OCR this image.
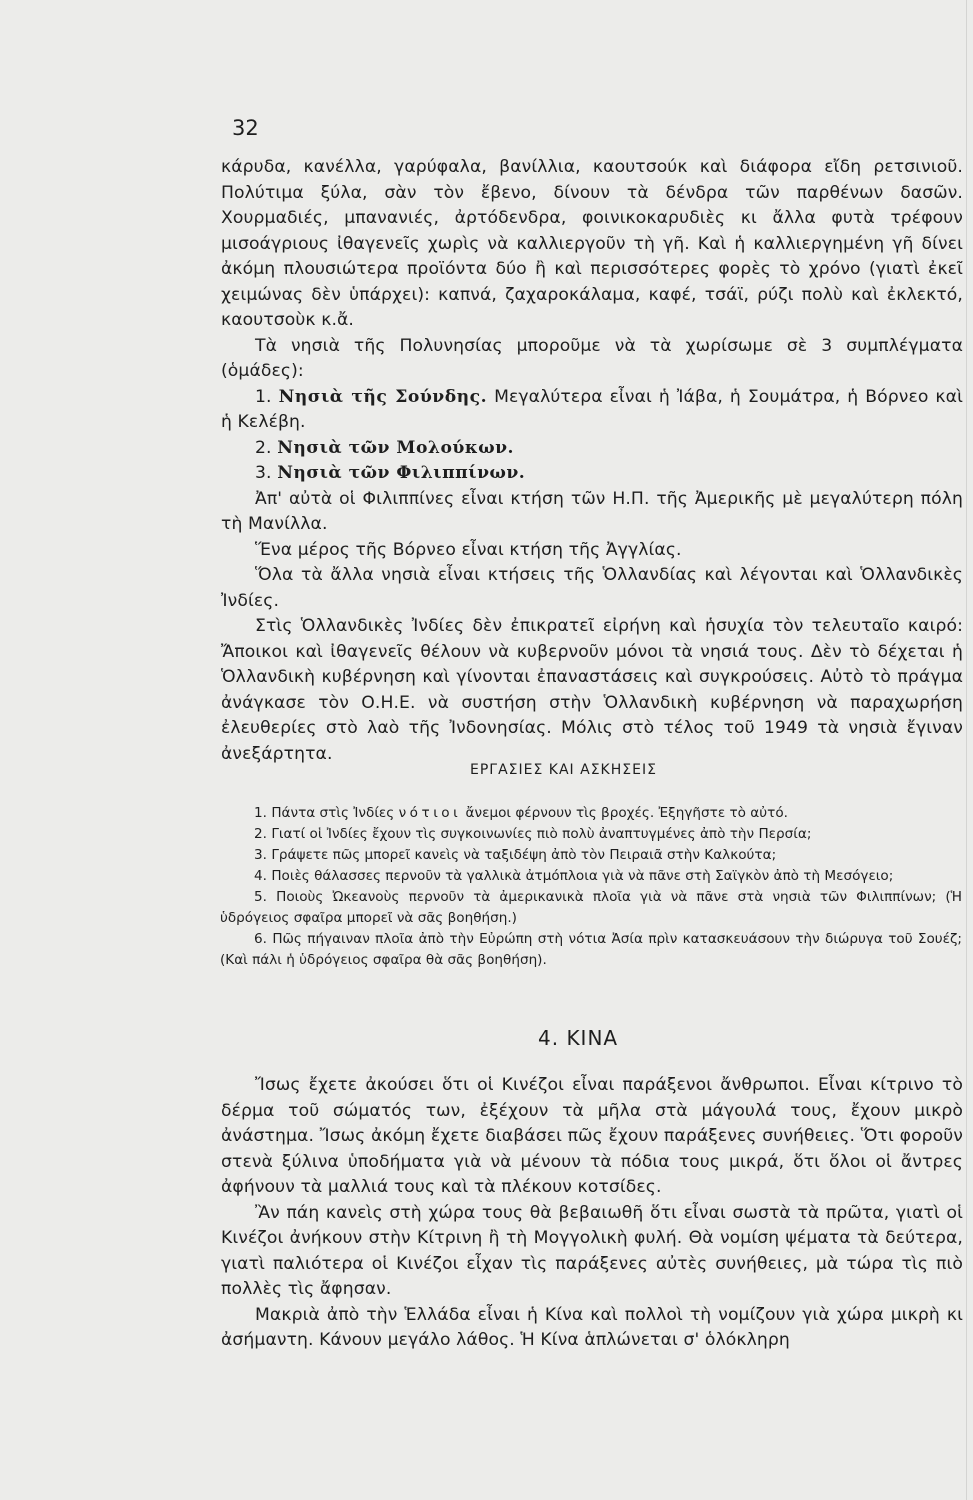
32

κάρυδα, κανέλλα, γαρύφαλα, βανίλλια, καουτσούκ καὶ διάφορα εἴδη ρετσινιοῦ. Πολύτιμα ξύλα, σὰν τὸν ἔβενο, δίνουν τὰ δένδρα τῶν παρθένων δασῶν. Χουρμαδιές, μπανανιές, ἀρτόδενδρα, φοινικοκαρυδιὲς κι ἄλλα φυτὰ τρέφουν μισοάγριους ἰθαγενεῖς χωρὶς νὰ καλλιεργοῦν τὴ γῆ. Καὶ ἡ καλλιεργημένη γῆ δίνει ἀκόμη πλουσιώτερα προϊόντα δύο ἢ καὶ περισσότερες φορὲς τὸ χρόνο (γιατὶ ἐκεῖ χειμώνας δὲν ὑπάρχει): καπνά, ζαχαροκάλαμα, καφέ, τσάϊ, ρύζι πολὺ καὶ ἐκλεκτό, καουτσοὺκ κ.ἄ.

Τὰ νησιὰ τῆς Πολυνησίας μποροῦμε νὰ τὰ χωρίσωμε σὲ 3 συμπλέγματα (ὁμάδες):

1. Νησιὰ τῆς Σούνδης. Μεγαλύτερα εἶναι ἡ Ἰάβα, ἡ Σουμάτρα, ἡ Βόρνεο καὶ ἡ Κελέβη.

2. Νησιὰ τῶν Μολούκων.

3. Νησιὰ τῶν Φιλιππίνων.

Ἀπ' αὐτὰ οἱ Φιλιππίνες εἶναι κτήση τῶν Η.Π. τῆς Ἀμερικῆς μὲ μεγαλύτερη πόλη τὴ Μανίλλα.

Ἕνα μέρος τῆς Βόρνεο εἶναι κτήση τῆς Ἀγγλίας.

Ὅλα τὰ ἄλλα νησιὰ εἶναι κτήσεις τῆς Ὁλλανδίας καὶ λέγονται καὶ Ὁλλανδικὲς Ἰνδίες.

Στὶς Ὁλλανδικὲς Ἰνδίες δὲν ἐπικρατεῖ εἰρήνη καὶ ἡσυχία τὸν τελευταῖο καιρό: Ἄποικοι καὶ ἰθαγενεῖς θέλουν νὰ κυβερνοῦν μόνοι τὰ νησιά τους. Δὲν τὸ δέχεται ἡ Ὁλλανδικὴ κυβέρνηση καὶ γίνονται ἐπαναστάσεις καὶ συγκρούσεις. Αὐτὸ τὸ πράγμα ἀνάγκασε τὸν Ο.Η.Ε. νὰ συστήση στὴν Ὁλλανδικὴ κυβέρνηση νὰ παραχωρήση ἐλευθερίες στὸ λαὸ τῆς Ἰνδονησίας. Μόλις στὸ τέλος τοῦ 1949 τὰ νησιὰ ἔγιναν ἀνεξάρτητα.

ΕΡΓΑΣΙΕΣ ΚΑΙ ΑΣΚΗΣΕΙΣ

1. Πάντα στὶς Ἰνδίες νότιοι ἄνεμοι φέρνουν τὶς βροχές. Ἐξηγῆστε τὸ αὐτό.

2. Γιατί οἱ Ἰνδίες ἔχουν τὶς συγκοινωνίες πιὸ πολὺ ἀναπτυγμένες ἀπὸ τὴν Περσία;

3. Γράψετε πῶς μπορεῖ κανεὶς νὰ ταξιδέψη ἀπὸ τὸν Πειραιᾶ στὴν Καλκούτα;

4. Ποιὲς θάλασσες περνοῦν τὰ γαλλικὰ ἀτμόπλοια γιὰ νὰ πᾶνε στὴ Σαϊγκὸν ἀπὸ τὴ Μεσόγειο;

5. Ποιοὺς Ὠκεανοὺς περνοῦν τὰ ἀμερικανικὰ πλοῖα γιὰ νὰ πᾶνε στὰ νησιὰ τῶν Φιλιππίνων; (Ἡ ὑδρόγειος σφαῖρα μπορεῖ νὰ σᾶς βοηθήση.)

6. Πῶς πήγαιναν πλοῖα ἀπὸ τὴν Εὐρώπη στὴ νότια Ἀσία πρὶν κατασκευάσουν τὴν διώρυγα τοῦ Σουέζ; (Καὶ πάλι ἡ ὑδρόγειος σφαῖρα θὰ σᾶς βοηθήση).

4. ΚΙΝΑ

Ἴσως ἔχετε ἀκούσει ὅτι οἱ Κινέζοι εἶναι παράξενοι ἄνθρωποι. Εἶναι κίτρινο τὸ δέρμα τοῦ σώματός των, ἐξέχουν τὰ μῆλα στὰ μάγουλά τους, ἔχουν μικρὸ ἀνάστημα. Ἴσως ἀκόμη ἔχετε διαβάσει πῶς ἔχουν παράξενες συνήθειες. Ὅτι φοροῦν στενὰ ξύλινα ὑποδήματα γιὰ νὰ μένουν τὰ πόδια τους μικρά, ὅτι ὅλοι οἱ ἄντρες ἀφήνουν τὰ μαλλιά τους καὶ τὰ πλέκουν κοτσίδες.

Ἂν πάη κανεὶς στὴ χώρα τους θὰ βεβαιωθῆ ὅτι εἶναι σωστὰ τὰ πρῶτα, γιατὶ οἱ Κινέζοι ἀνήκουν στὴν Κίτρινη ἢ τὴ Μογγολικὴ φυλή. Θὰ νομίση ψέματα τὰ δεύτερα, γιατὶ παλιότερα οἱ Κινέζοι εἶχαν τὶς παράξενες αὐτὲς συνήθειες, μὰ τώρα τὶς πιὸ πολλὲς τὶς ἄφησαν.

Μακριὰ ἀπὸ τὴν Ἑλλάδα εἶναι ἡ Κίνα καὶ πολλοὶ τὴ νομίζουν γιὰ χώρα μικρὴ κι ἀσήμαντη. Κάνουν μεγάλο λάθος. Ἡ Κίνα ἁπλώνεται σ' ὁλόκληρη
